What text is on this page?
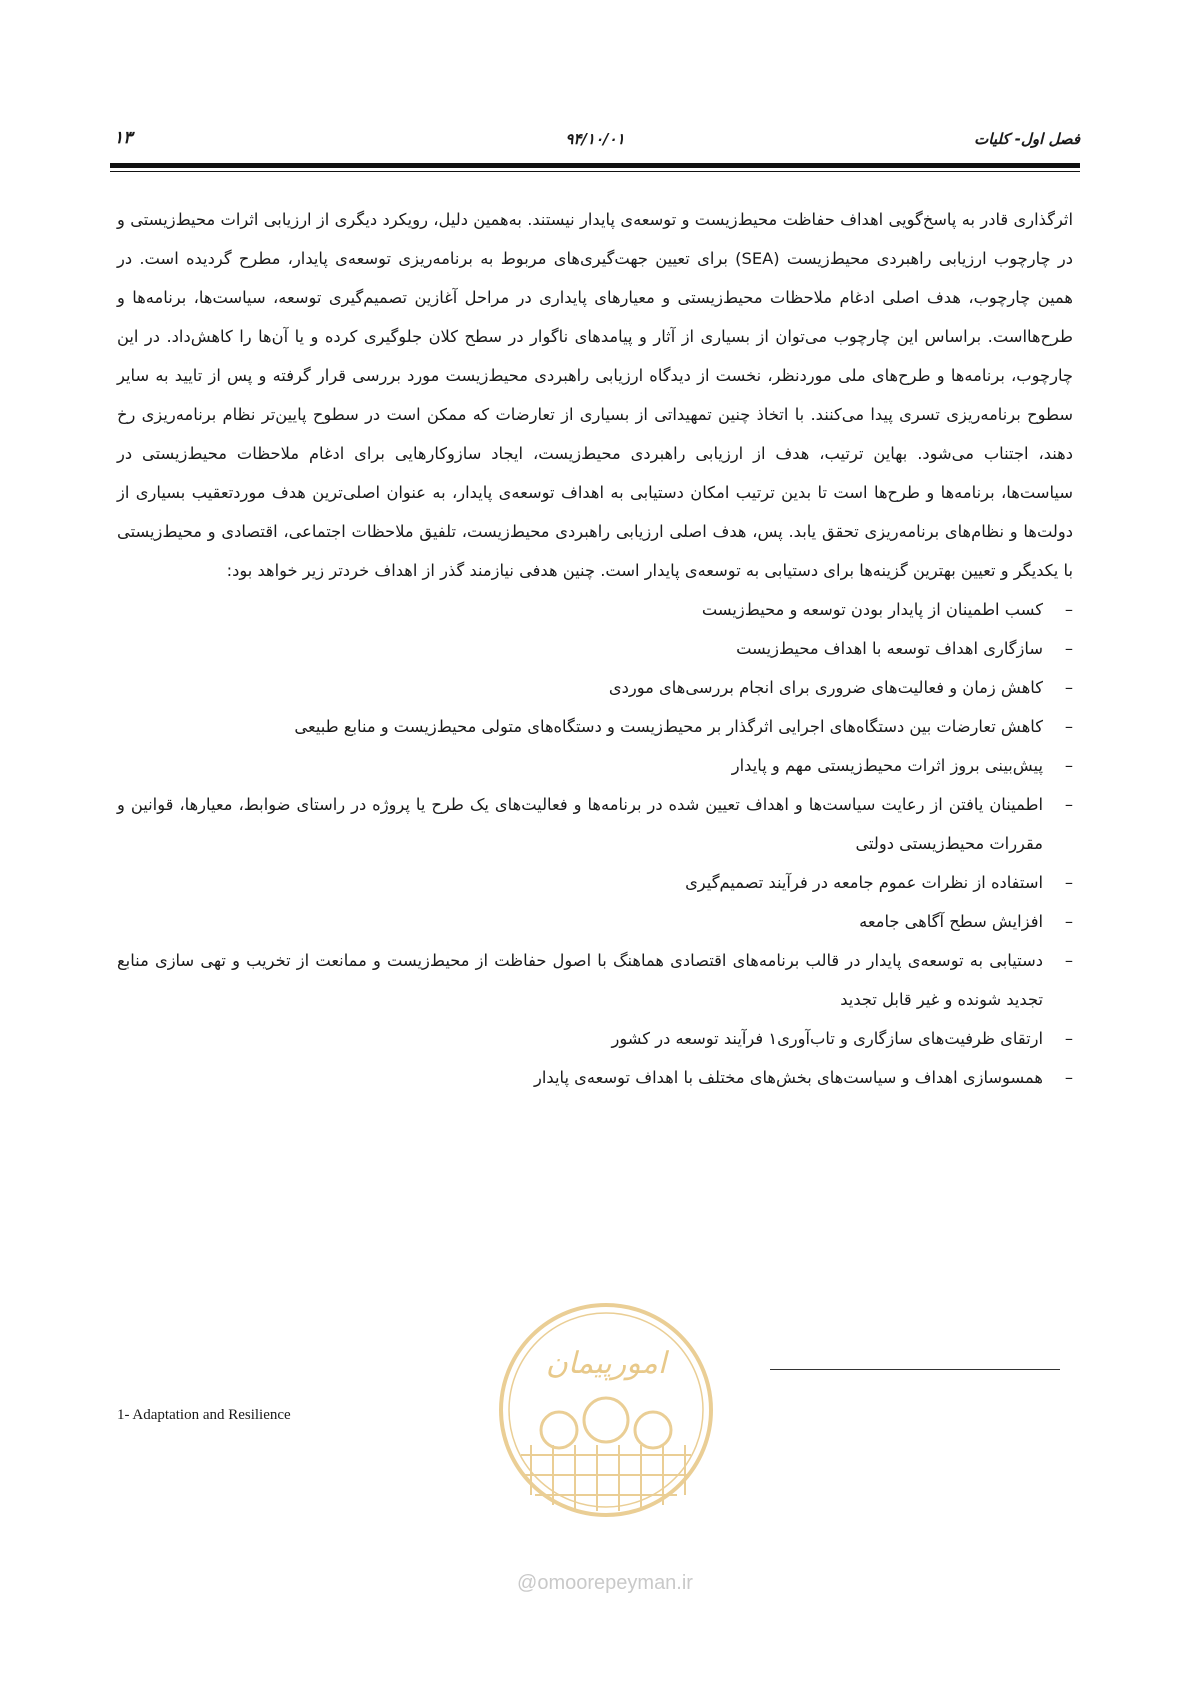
فصل اول- کلیات
۹۴/۱۰/۰۱
۱۳

اثرگذاری قادر به پاسخ‌گویی اهداف حفاظت محیط‌زیست و توسعه‌ی پایدار نیستند. به‌همین دلیل، رویکرد دیگری از ارزیابی اثرات محیط‌زیستی و در چارچوب ارزیابی راهبردی محیط‌زیست (SEA) برای تعیین جهت‌گیری‌های مربوط به برنامه‌ریزی توسعه‌ی پایدار، مطرح گردیده است. در همین چارچوب، هدف اصلی ادغام ملاحظات محیط‌زیستی و معیارهای پایداری در مراحل آغازین تصمیم‌گیری توسعه، سیاست‌ها، برنامه‌ها و طرح‌هااست. براساس این چارچوب می‌توان از بسیاری از آثار و پیامدهای ناگوار در سطح کلان جلوگیری کرده و یا آن‌ها را کاهش‌داد. در این چارچوب، برنامه‌ها و طرح‌های ملی موردنظر، نخست از دیدگاه ارزیابی راهبردی محیط‌زیست مورد بررسی قرار گرفته و پس از تایید به سایر سطوح برنامه‌ریزی تسری پیدا می‌کنند. با اتخاذ چنین تمهیداتی از بسیاری از تعارضات که ممکن است در سطوح پایین‌تر نظام برنامه‌ریزی رخ دهند، اجتناب می‌شود. بهاین ترتیب، هدف از ارزیابی راهبردی محیط‌زیست، ایجاد سازوکارهایی برای ادغام ملاحظات محیط‌زیستی در سیاست‌ها، برنامه‌ها و طرح‌ها است تا بدین ترتیب امکان دستیابی به اهداف توسعه‌ی پایدار، به عنوان اصلی‌ترین هدف موردتعقیب بسیاری از دولت‌ها و نظام‌های برنامه‌ریزی تحقق یابد. پس، هدف اصلی ارزیابی راهبردی محیط‌زیست، تلفیق ملاحظات اجتماعی، اقتصادی و محیط‌زیستی با یکدیگر و تعیین بهترین گزینه‌ها برای دستیابی به توسعه‌ی پایدار است. چنین هدفی نیازمند گذر از اهداف خردتر زیر خواهد بود:

–
کسب اطمینان از پایدار بودن توسعه و محیط‌زیست
–
سازگاری اهداف توسعه با اهداف محیط‌زیست
–
کاهش زمان و فعالیت‌های ضروری برای انجام بررسی‌های موردی
–
کاهش تعارضات بین دستگاه‌های اجرایی اثرگذار بر محیط‌زیست و دستگاه‌های متولی محیط‌زیست و منابع طبیعی
–
پیش‌بینی بروز اثرات محیط‌زیستی مهم و پایدار
–
اطمینان یافتن از رعایت سیاست‌ها و اهداف تعیین شده در برنامه‌ها و فعالیت‌های یک طرح یا پروژه در راستای ضوابط، معیارها، قوانین و مقررات محیط‌زیستی دولتی
–
استفاده از نظرات عموم جامعه در فرآیند تصمیم‌گیری
–
افزایش سطح آگاهی جامعه
–
دستیابی به توسعه‌ی پایدار در قالب برنامه‌های اقتصادی هماهنگ با اصول حفاظت از محیط‌زیست و ممانعت از تخریب و تهی سازی منابع تجدید شونده و غیر قابل تجدید
–
ارتقای ظرفیت‌های سازگاری و تاب‌آوری۱ فرآیند توسعه در کشور
–
همسوسازی اهداف و سیاست‌های بخش‌های مختلف با اهداف توسعه‌ی پایدار
1- Adaptation and Resilience
امورپیمان
@omoorepeyman.ir
